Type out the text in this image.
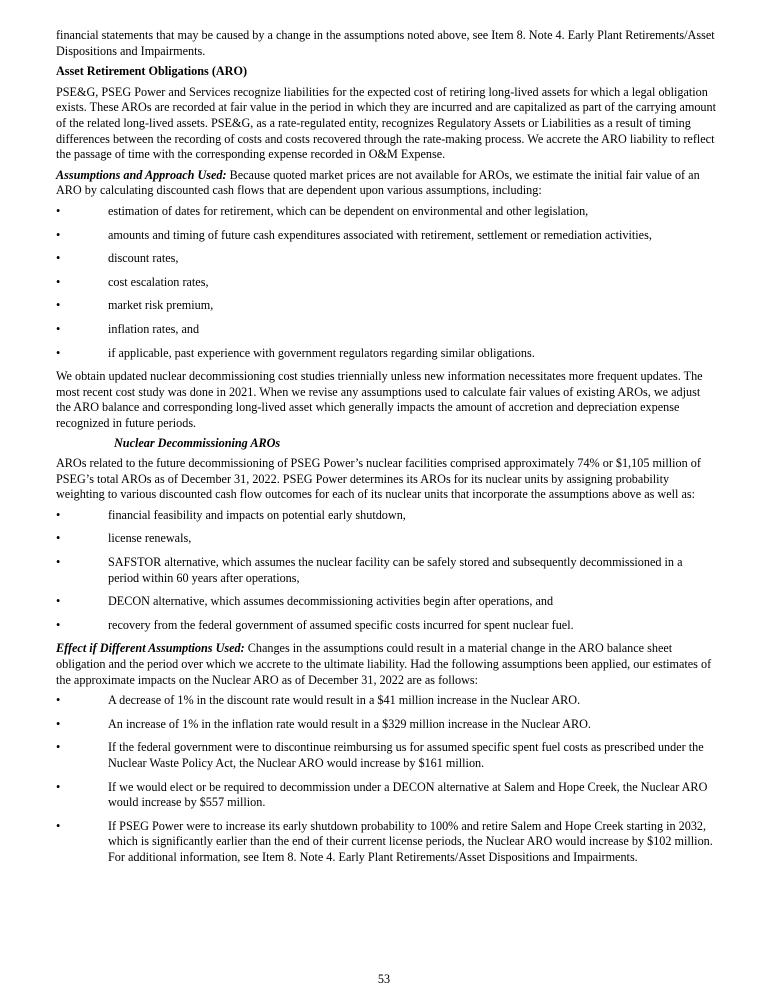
financial statements that may be caused by a change in the assumptions noted above, see Item 8. Note 4. Early Plant Retirements/Asset Dispositions and Impairments.

Asset Retirement Obligations (ARO)

PSE&G, PSEG Power and Services recognize liabilities for the expected cost of retiring long-lived assets for which a legal obligation exists. These AROs are recorded at fair value in the period in which they are incurred and are capitalized as part of the carrying amount of the related long-lived assets. PSE&G, as a rate-regulated entity, recognizes Regulatory Assets or Liabilities as a result of timing differences between the recording of costs and costs recovered through the rate-making process. We accrete the ARO liability to reflect the passage of time with the corresponding expense recorded in O&M Expense.

Assumptions and Approach Used: Because quoted market prices are not available for AROs, we estimate the initial fair value of an ARO by calculating discounted cash flows that are dependent upon various assumptions, including:

•	estimation of dates for retirement, which can be dependent on environmental and other legislation,
•	amounts and timing of future cash expenditures associated with retirement, settlement or remediation activities,
•	discount rates,
•	cost escalation rates,
•	market risk premium,
•	inflation rates, and
•	if applicable, past experience with government regulators regarding similar obligations.

We obtain updated nuclear decommissioning cost studies triennially unless new information necessitates more frequent updates. The most recent cost study was done in 2021. When we revise any assumptions used to calculate fair values of existing AROs, we adjust the ARO balance and corresponding long-lived asset which generally impacts the amount of accretion and depreciation expense recognized in future periods.

Nuclear Decommissioning AROs

AROs related to the future decommissioning of PSEG Power’s nuclear facilities comprised approximately 74% or $1,105 million of PSEG’s total AROs as of December 31, 2022. PSEG Power determines its AROs for its nuclear units by assigning probability weighting to various discounted cash flow outcomes for each of its nuclear units that incorporate the assumptions above as well as:

•	financial feasibility and impacts on potential early shutdown,
•	license renewals,
•	SAFSTOR alternative, which assumes the nuclear facility can be safely stored and subsequently decommissioned in a period within 60 years after operations,
•	DECON alternative, which assumes decommissioning activities begin after operations, and
•	recovery from the federal government of assumed specific costs incurred for spent nuclear fuel.

Effect if Different Assumptions Used: Changes in the assumptions could result in a material change in the ARO balance sheet obligation and the period over which we accrete to the ultimate liability. Had the following assumptions been applied, our estimates of the approximate impacts on the Nuclear ARO as of December 31, 2022 are as follows:

•	A decrease of 1% in the discount rate would result in a $41 million increase in the Nuclear ARO.
•	An increase of 1% in the inflation rate would result in a $329 million increase in the Nuclear ARO.
•	If the federal government were to discontinue reimbursing us for assumed specific spent fuel costs as prescribed under the Nuclear Waste Policy Act, the Nuclear ARO would increase by $161 million.
•	If we would elect or be required to decommission under a DECON alternative at Salem and Hope Creek, the Nuclear ARO would increase by $557 million.
•	If PSEG Power were to increase its early shutdown probability to 100% and retire Salem and Hope Creek starting in 2032, which is significantly earlier than the end of their current license periods, the Nuclear ARO would increase by $102 million. For additional information, see Item 8. Note 4. Early Plant Retirements/Asset Dispositions and Impairments.
53
